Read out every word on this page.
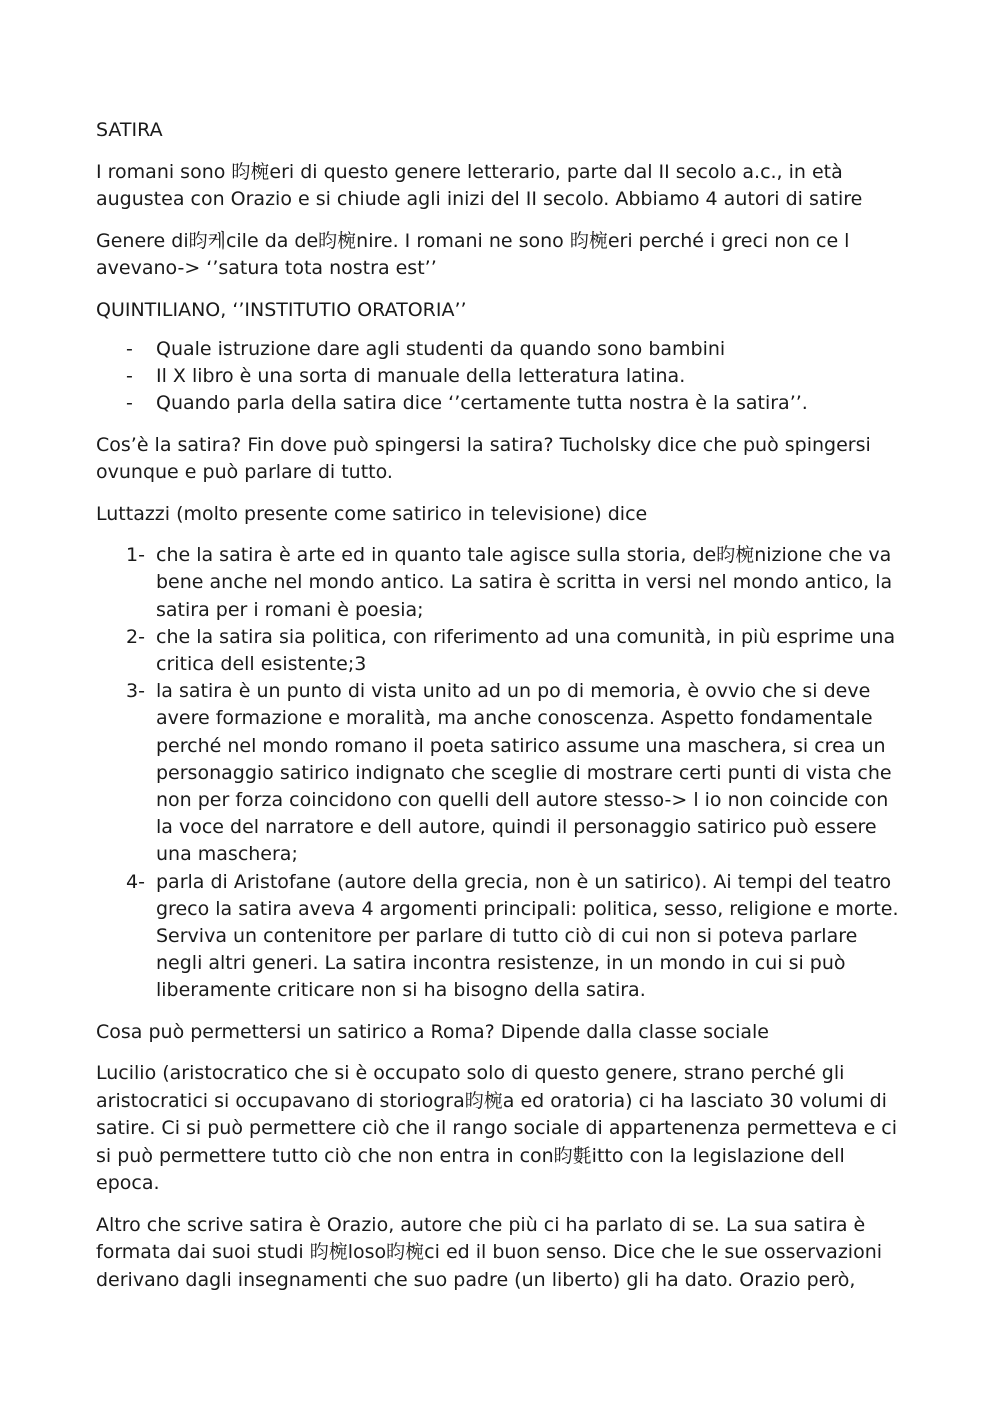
SATIRA

I romani sono 昀椀eri di questo genere letterario, parte dal II secolo a.c., in età augustea con Orazio e si chiude agli inizi del II secolo. Abbiamo 4 autori di satire

Genere di昀케cile da de昀椀nire. I romani ne sono 昀椀eri perché i greci non ce l avevano-> ‘’satura tota nostra est’’

QUINTILIANO, ‘’INSTITUTIO ORATORIA’’

- Quale istruzione dare agli studenti da quando sono bambini
- Il X libro è una sorta di manuale della letteratura latina.
- Quando parla della satira dice ‘’certamente tutta nostra è la satira’’.

Cos’è la satira? Fin dove può spingersi la satira? Tucholsky dice che può spingersi ovunque e può parlare di tutto.

Luttazzi (molto presente come satirico in televisione) dice

1- che la satira è arte ed in quanto tale agisce sulla storia, de昀椀nizione che va bene anche nel mondo antico. La satira è scritta in versi nel mondo antico, la satira per i romani è poesia;
2- che la satira sia politica, con riferimento ad una comunità, in più esprime una critica dell esistente;3
3- la satira è un punto di vista unito ad un po di memoria, è ovvio che si deve avere formazione e moralità, ma anche conoscenza. Aspetto fondamentale perché nel mondo romano il poeta satirico assume una maschera, si crea un personaggio satirico indignato che sceglie di mostrare certi punti di vista che non per forza coincidono con quelli dell autore stesso-> l io non coincide con la voce del narratore e dell autore, quindi il personaggio satirico può essere una maschera;
4- parla di Aristofane (autore della grecia, non è un satirico). Ai tempi del teatro greco la satira aveva 4 argomenti principali: politica, sesso, religione e morte. Serviva un contenitore per parlare di tutto ciò di cui non si poteva parlare negli altri generi. La satira incontra resistenze, in un mondo in cui si può liberamente criticare non si ha bisogno della satira.

Cosa può permettersi un satirico a Roma? Dipende dalla classe sociale

Lucilio (aristocratico che si è occupato solo di questo genere, strano perché gli aristocratici si occupavano di storiogra昀椀a ed oratoria) ci ha lasciato 30 volumi di satire. Ci si può permettere ciò che il rango sociale di appartenenza permetteva e ci si può permettere tutto ciò che non entra in con昀氀itto con la legislazione dell epoca.

Altro che scrive satira è Orazio, autore che più ci ha parlato di se. La sua satira è formata dai suoi studi 昀椀loso昀椀ci ed il buon senso. Dice che le sue osservazioni derivano dagli insegnamenti che suo padre (un liberto) gli ha dato. Orazio però,
